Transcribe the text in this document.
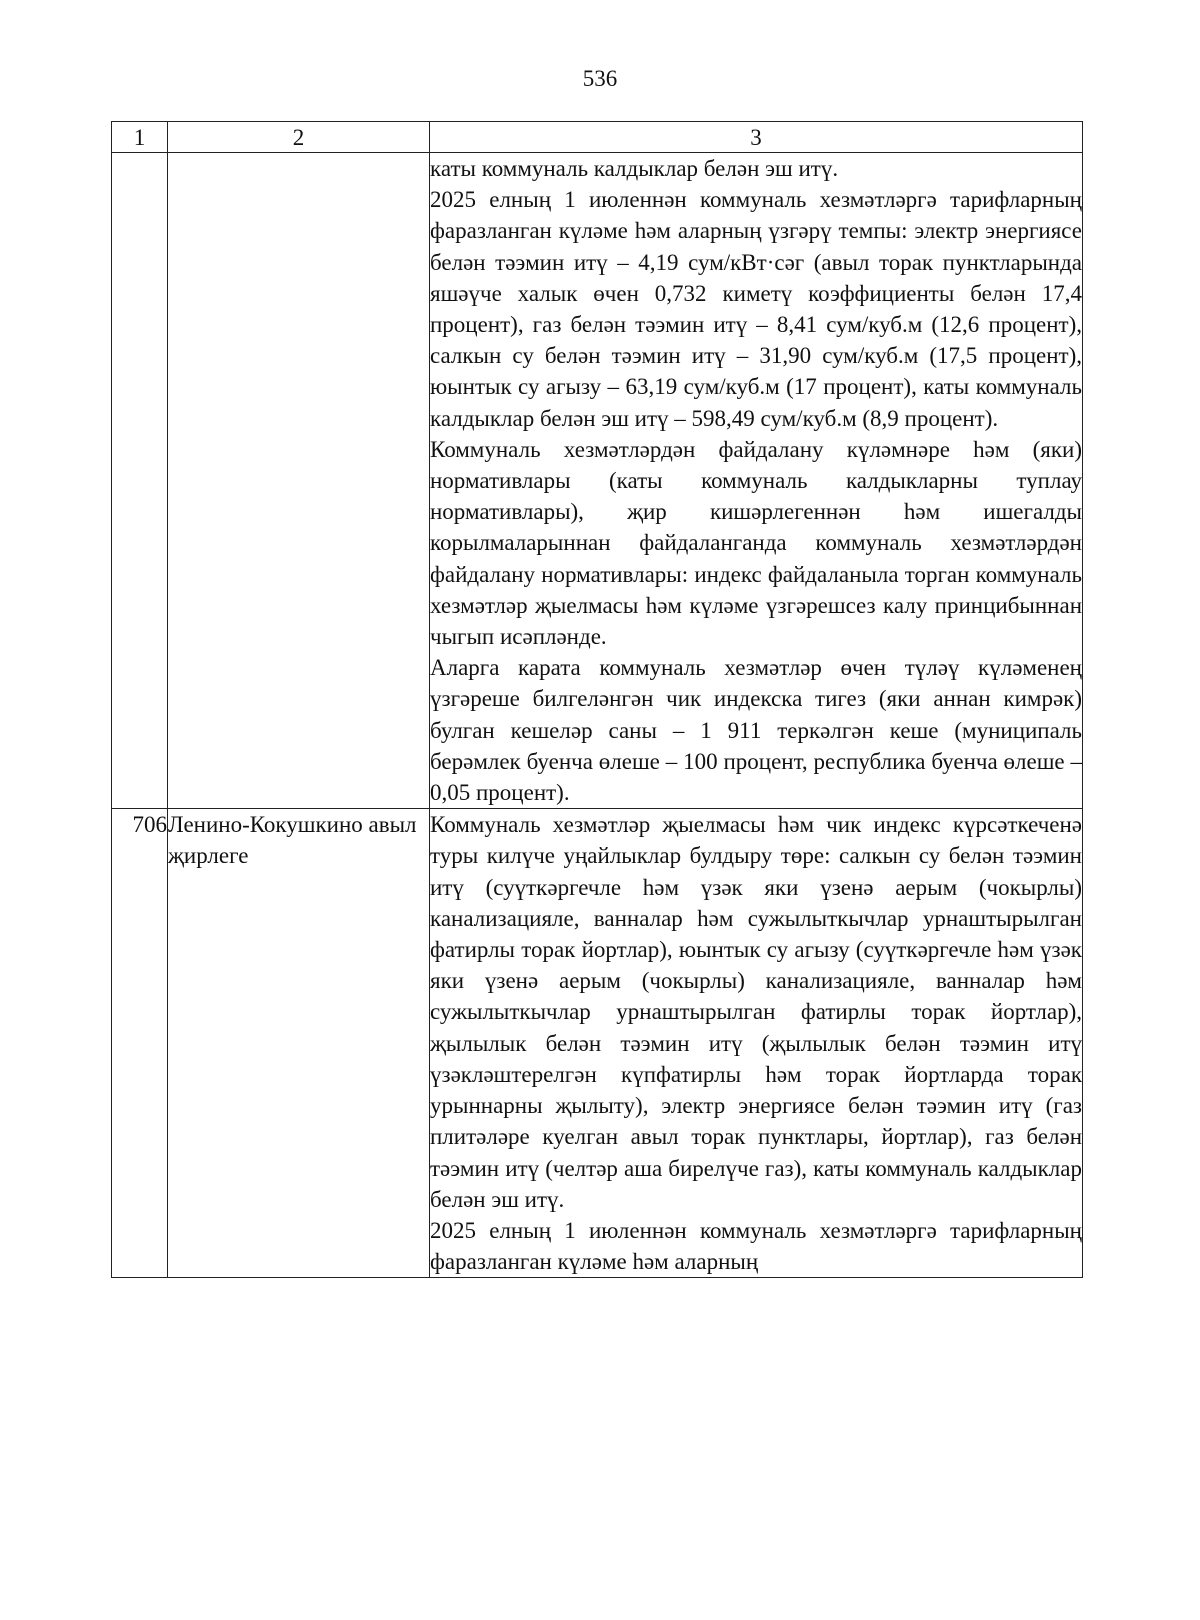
536
1	2	3

		каты коммуналь калдыклар белән эш итү.

2025 елның 1 июленнән коммуналь хезмәтләргә тарифларның фаразланган күләме һәм аларның үзгәрү темпы: электр энергиясе белән тәэмин итү – 4,19 сум/кВт·сәг (авыл торак пунктларында яшәүче халык өчен 0,732 киметү коэффициенты белән 17,4 процент), газ белән тәэмин итү – 8,41 сум/куб.м (12,6 процент), салкын су белән тәэмин итү – 31,90 сум/куб.м (17,5 процент), юынтык су агызу – 63,19 сум/куб.м (17 процент), каты коммуналь калдыклар белән эш итү – 598,49 сум/куб.м (8,9 процент).

Коммуналь хезмәтләрдән файдалану күләмнәре һәм (яки) нормативлары (каты коммуналь калдыкларны туплау нормативлары), җир кишәрлегеннән һәм ишегалды корылмаларыннан файдаланганда коммуналь хезмәтләрдән файдалану нормативлары: индекс файдаланыла торган коммуналь хезмәтләр җыелмасы һәм күләме үзгәрешсез калу принцибыннан чыгып исәпләнде.

Аларга карата коммуналь хезмәтләр өчен түләү күләменең үзгәреше билгеләнгән чик индекска тигез (яки аннан кимрәк) булган кешеләр саны – 1 911 теркәлгән кеше (муниципаль берәмлек буенча өлеше – 100 процент, республика буенча өлеше – 0,05 процент).

706	Ленино-Кокушкино авыл җирлеге	Коммуналь хезмәтләр җыелмасы һәм чик индекс күрсәткеченә туры килүче уңайлыклар булдыру төре: салкын су белән тәэмин итү (суүткәргечле һәм үзәк яки үзенә аерым (чокырлы) канализацияле, ванналар һәм сужылыткычлар урнаштырылган фатирлы торак йортлар), юынтык су агызу (суүткәргечле һәм үзәк яки үзенә аерым (чокырлы) канализацияле, ванналар һәм сужылыткычлар урнаштырылган фатирлы торак йортлар), җылылык белән тәэмин итү (җылылык белән тәэмин итү үзәкләштерелгән күпфатирлы һәм торак йортларда торак урыннарны җылыту), электр энергиясе белән тәэмин итү (газ плитәләре куелган авыл торак пунктлары, йортлар), газ белән тәэмин итү (челтәр аша бирелүче газ), каты коммуналь калдыклар белән эш итү.

2025 елның 1 июленнән коммуналь хезмәтләргә тарифларның фаразланган күләме һәм аларның
